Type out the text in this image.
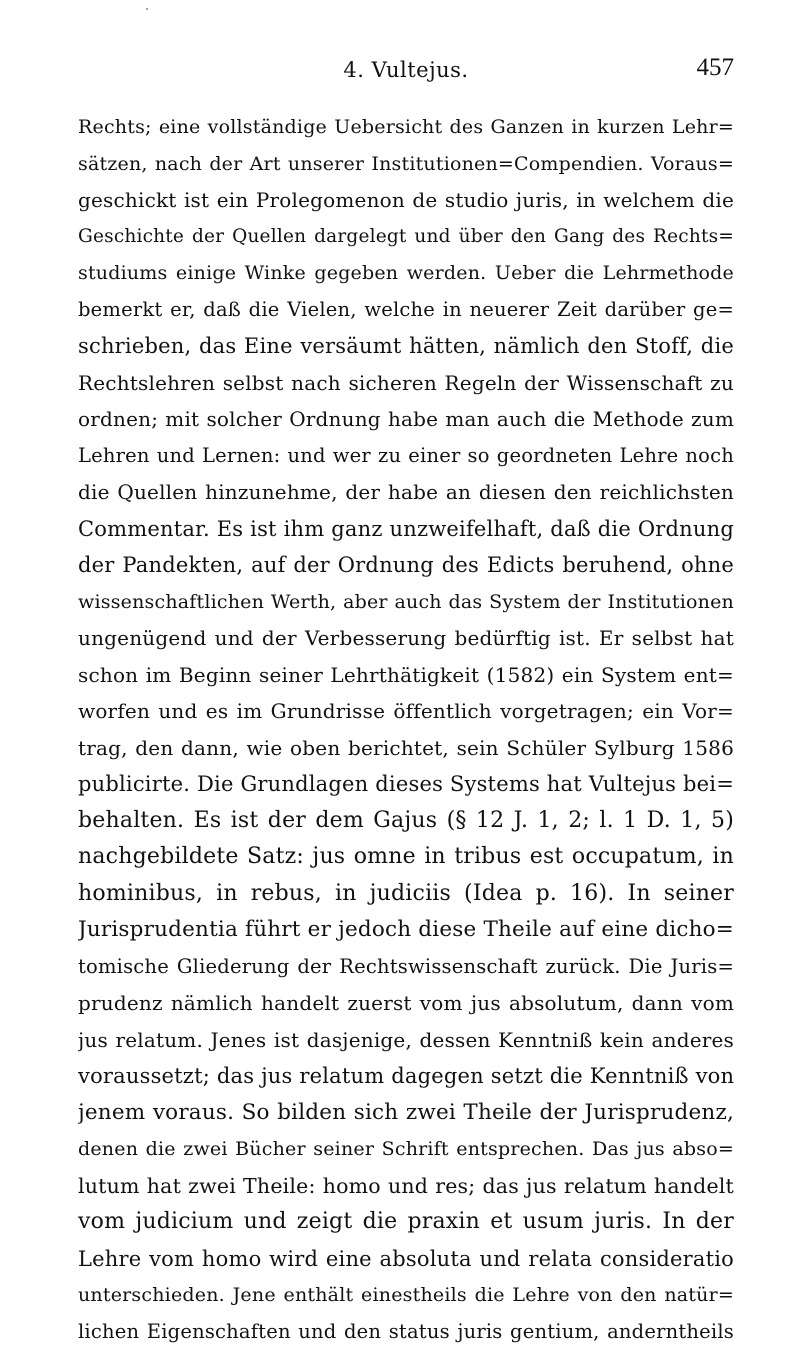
4. Vultejus.	457
Rechts; eine vollständige Uebersicht des Ganzen in kurzen Lehr=
sätzen, nach der Art unserer Institutionen=Compendien. Voraus=
geschickt ist ein Prolegomenon de studio juris, in welchem die
Geschichte der Quellen dargelegt und über den Gang des Rechts=
studiums einige Winke gegeben werden. Ueber die Lehrmethode
bemerkt er, daß die Vielen, welche in neuerer Zeit darüber ge=
schrieben, das Eine versäumt hätten, nämlich den Stoff, die
Rechtslehren selbst nach sicheren Regeln der Wissenschaft zu
ordnen; mit solcher Ordnung habe man auch die Methode zum
Lehren und Lernen: und wer zu einer so geordneten Lehre noch
die Quellen hinzunehme, der habe an diesen den reichlichsten
Commentar. Es ist ihm ganz unzweifelhaft, daß die Ordnung
der Pandekten, auf der Ordnung des Edicts beruhend, ohne
wissenschaftlichen Werth, aber auch das System der Institutionen
ungenügend und der Verbesserung bedürftig ist. Er selbst hat
schon im Beginn seiner Lehrthätigkeit (1582) ein System ent=
worfen und es im Grundrisse öffentlich vorgetragen; ein Vor=
trag, den dann, wie oben berichtet, sein Schüler Sylburg 1586
publicirte. Die Grundlagen dieses Systems hat Vultejus bei=
behalten. Es ist der dem Gajus (§ 12 J. 1, 2; l. 1 D. 1, 5)
nachgebildete Satz: jus omne in tribus est occupatum, in
hominibus, in rebus, in judiciis (Idea p. 16). In seiner
Jurisprudentia führt er jedoch diese Theile auf eine dicho=
tomische Gliederung der Rechtswissenschaft zurück. Die Juris=
prudenz nämlich handelt zuerst vom jus absolutum, dann vom
jus relatum. Jenes ist dasjenige, dessen Kenntniß kein anderes
voraussetzt; das jus relatum dagegen setzt die Kenntniß von
jenem voraus. So bilden sich zwei Theile der Jurisprudenz,
denen die zwei Bücher seiner Schrift entsprechen. Das jus abso=
lutum hat zwei Theile: homo und res; das jus relatum handelt
vom judicium und zeigt die praxin et usum juris. In der
Lehre vom homo wird eine absoluta und relata consideratio
unterschieden. Jene enthält einestheils die Lehre von den natür=
lichen Eigenschaften und den status juris gentium, anderntheils
